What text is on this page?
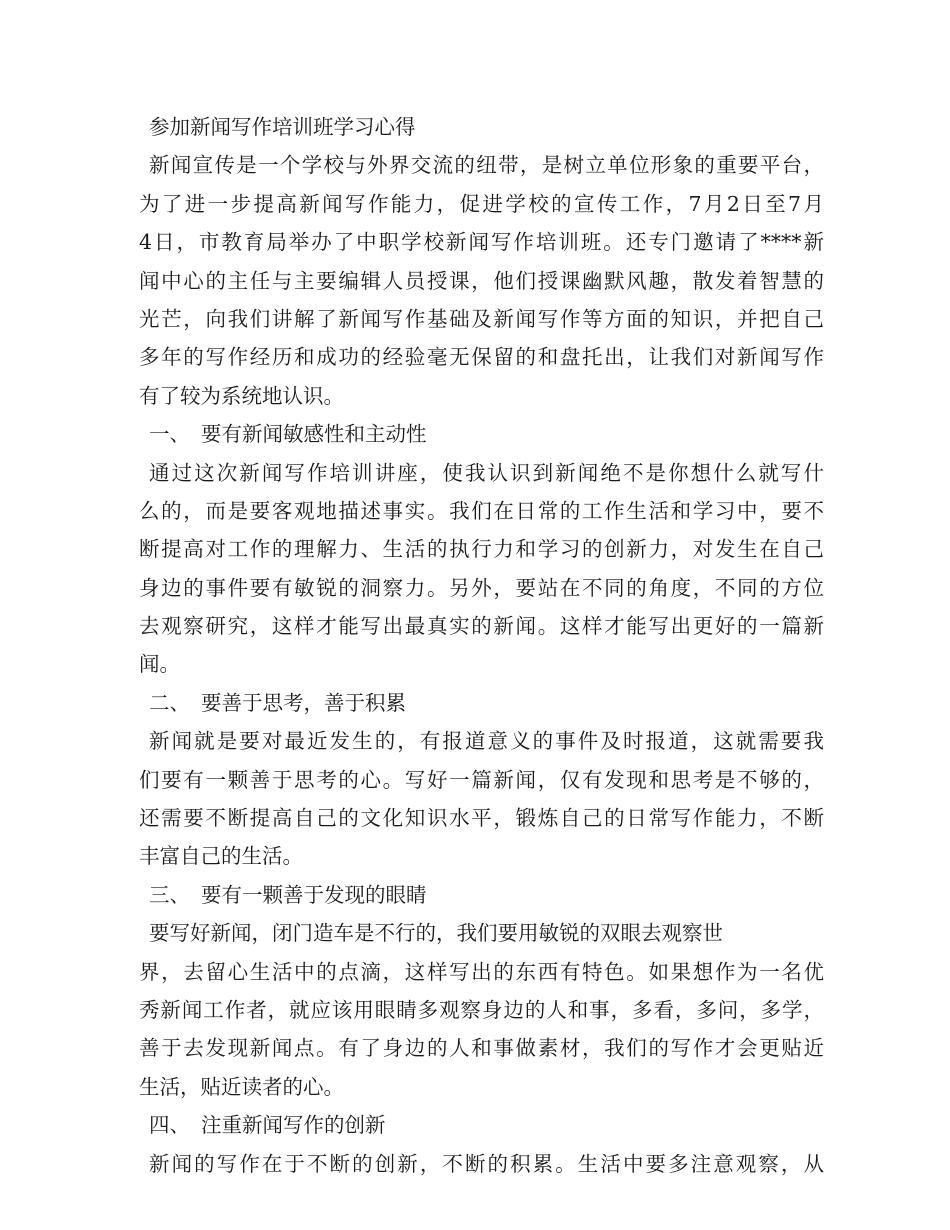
参加新闻写作培训班学习心得
新闻宣传是一个学校与外界交流的纽带，是树立单位形象的重要平台，
为了进一步提高新闻写作能力，促进学校的宣传工作，7月2日至7月
4日，市教育局举办了中职学校新闻写作培训班。还专门邀请了****新
闻中心的主任与主要编辑人员授课，他们授课幽默风趣，散发着智慧的
光芒，向我们讲解了新闻写作基础及新闻写作等方面的知识，并把自己
多年的写作经历和成功的经验毫无保留的和盘托出，让我们对新闻写作
有了较为系统地认识。
一、 要有新闻敏感性和主动性
通过这次新闻写作培训讲座，使我认识到新闻绝不是你想什么就写什
么的，而是要客观地描述事实。我们在日常的工作生活和学习中，要不
断提高对工作的理解力、生活的执行力和学习的创新力，对发生在自己
身边的事件要有敏锐的洞察力。另外，要站在不同的角度，不同的方位
去观察研究，这样才能写出最真实的新闻。这样才能写出更好的一篇新
闻。
二、 要善于思考，善于积累
新闻就是要对最近发生的，有报道意义的事件及时报道，这就需要我
们要有一颗善于思考的心。写好一篇新闻，仅有发现和思考是不够的，
还需要不断提高自己的文化知识水平，锻炼自己的日常写作能力，不断
丰富自己的生活。
三、 要有一颗善于发现的眼睛
要写好新闻，闭门造车是不行的，我们要用敏锐的双眼去观察世
界，去留心生活中的点滴，这样写出的东西有特色。如果想作为一名优
秀新闻工作者，就应该用眼睛多观察身边的人和事，多看，多问，多学，
善于去发现新闻点。有了身边的人和事做素材，我们的写作才会更贴近
生活，贴近读者的心。
四、 注重新闻写作的创新
新闻的写作在于不断的创新，不断的积累。生活中要多注意观察，从
